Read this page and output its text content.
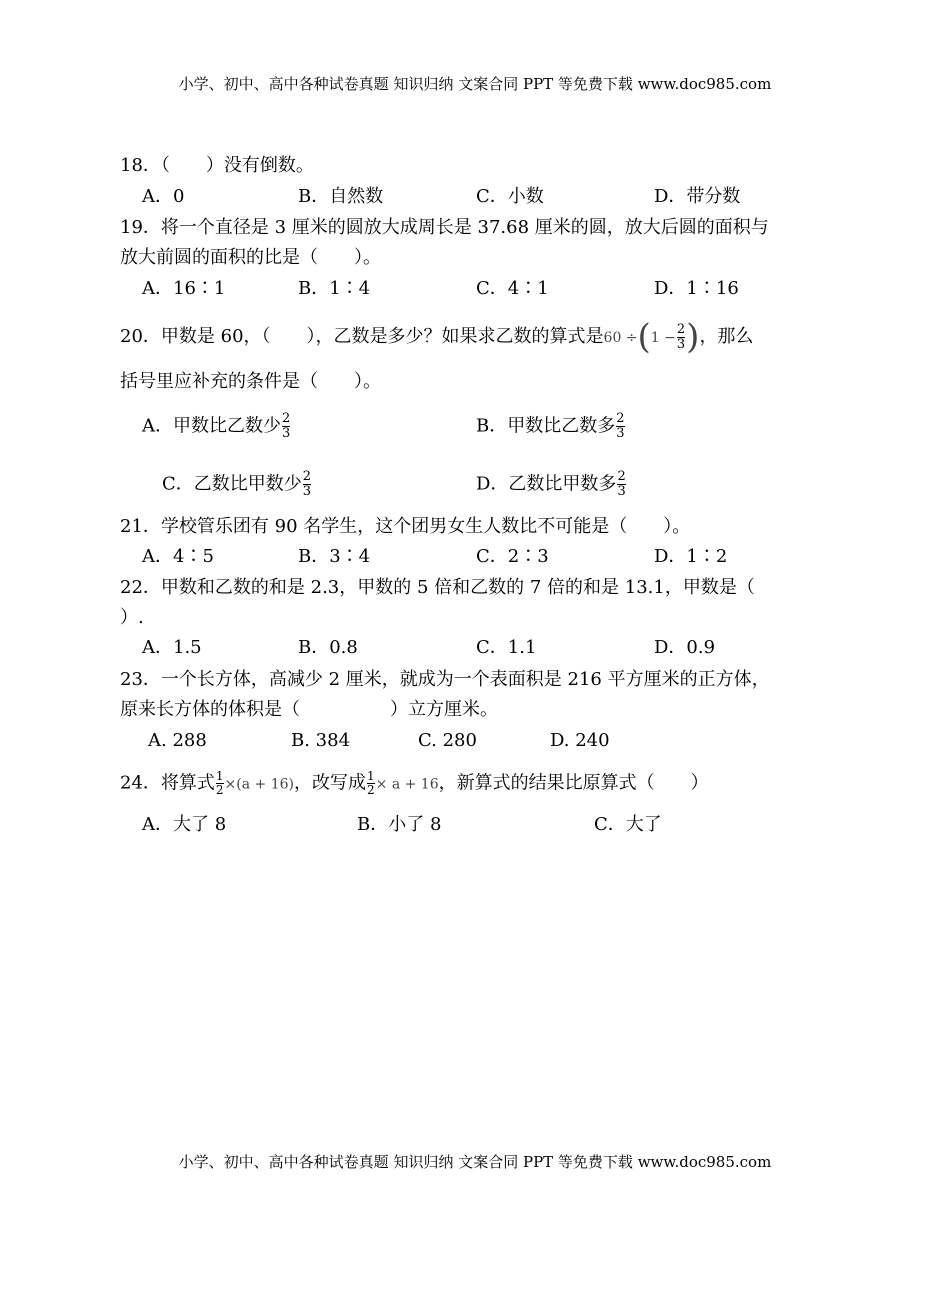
小学、初中、高中各种试卷真题 知识归纳 文案合同 PPT 等免费下载 www.doc985.com
18．（　　）没有倒数。
A．0	B．自然数	C．小数	D．带分数
19．将一个直径是 3 厘米的圆放大成周长是 37.68 厘米的圆，放大后圆的面积与
放大前圆的面积的比是（　　）。
A．16∶1	B．1∶4	C．4∶1	D．1∶16
20．甲数是 60，（　　），乙数是多少？如果求乙数的算式是$60 \div(1 - \frac{2}{3}$ )，那么
括号里应补充的条件是（　　）。
A．甲数比乙数少 $\frac{2}{3}$	B．甲数比乙数多 $\frac{2}{3}$
C．乙数比甲数少 $\frac{2}{3}$	D．乙数比甲数多 $\frac{2}{3}$
21．学校管乐团有 90 名学生，这个团男女生人数比不可能是（　　）。
A．4∶5	B．3∶4	C．2∶3	D．1∶2
22．甲数和乙数的和是 2.3，甲数的 5 倍和乙数的 7 倍的和是 13.1，甲数是（
）.
A．1.5	B．0.8	C．1.1	D．0.9
23．一个长方体，高减少 2 厘米，就成为一个表面积是 216 平方厘米的正方体，
原来长方体的体积是（　　　　　）立方厘米。
A. 288	B. 384	C. 280	D. 240
24．将算式 $\frac{1}{2} \times(a + 16)$，改写成 $\frac{1}{2} \times a + 16$，新算式的结果比原算式（　　）
A．大了 8	B．小了 8	C．大了
小学、初中、高中各种试卷真题 知识归纳 文案合同 PPT 等免费下载 www.doc985.com
